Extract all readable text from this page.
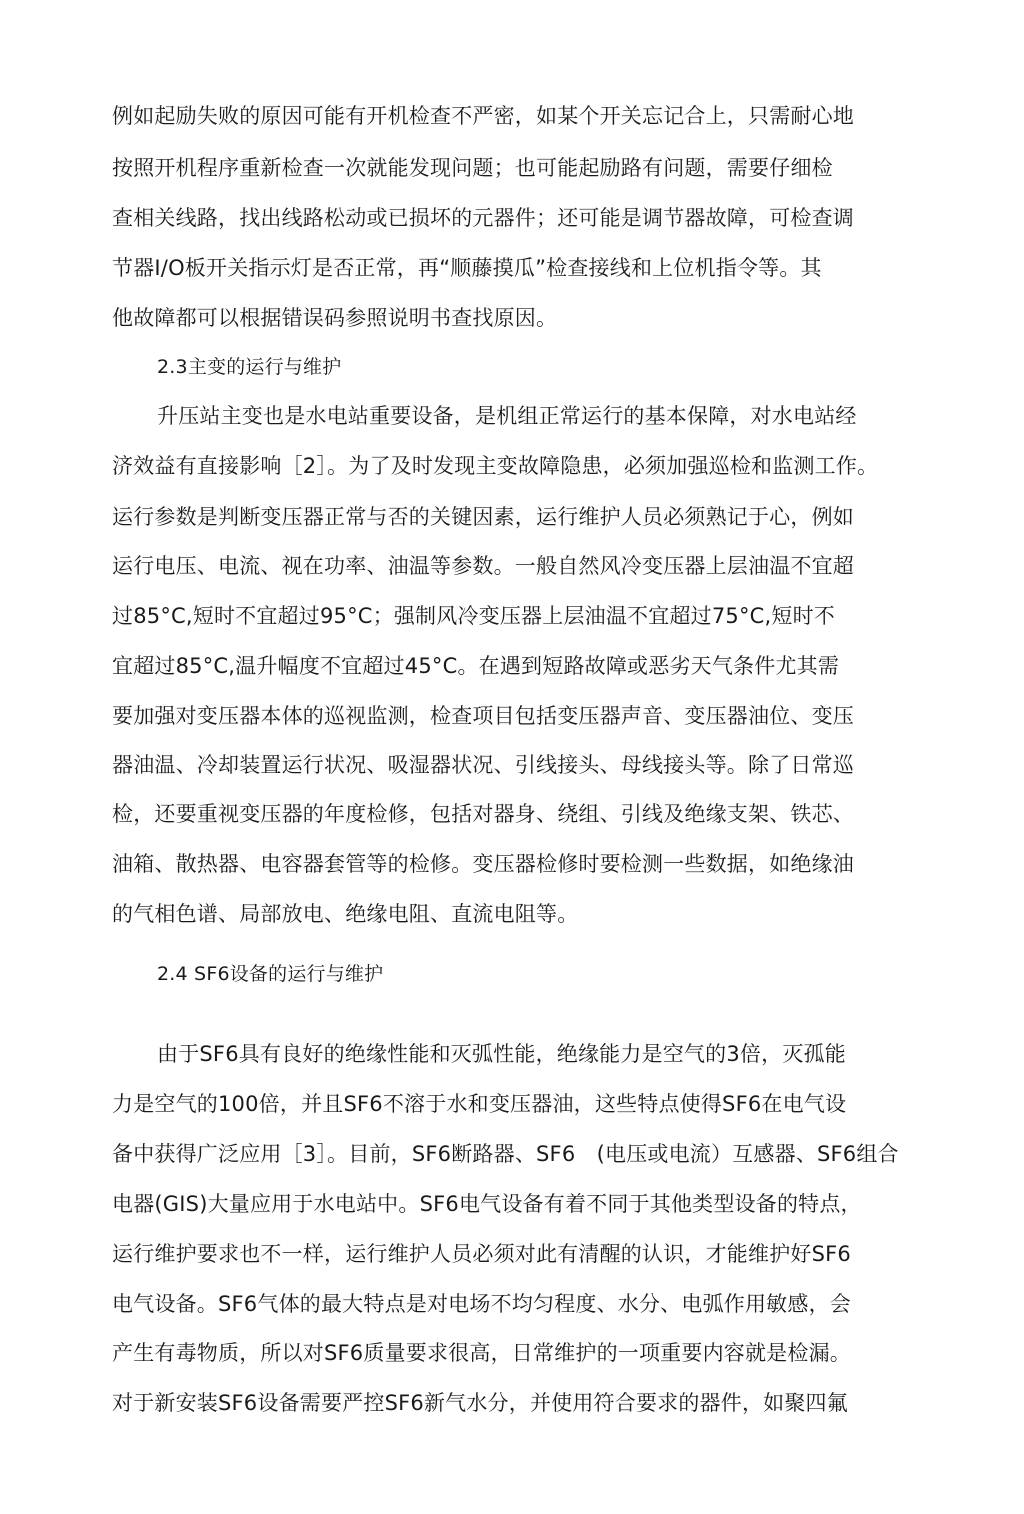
例如起励失败的原因可能有开机检查不严密，如某个开关忘记合上，只需耐心地
按照开机程序重新检查一次就能发现问题；也可能起励路有问题，需要仔细检
查相关线路，找出线路松动或已损坏的元器件；还可能是调节器故障，可检查调
节器I/O板开关指示灯是否正常，再“顺藤摸瓜”检查接线和上位机指令等。其
他故障都可以根据错误码参照说明书查找原因。
2.3主变的运行与维护
升压站主变也是水电站重要设备，是机组正常运行的基本保障，对水电站经
济效益有直接影响［2］。为了及时发现主变故障隐患，必须加强巡检和监测工作。
运行参数是判断变压器正常与否的关键因素，运行维护人员必须熟记于心，例如
运行电压、电流、视在功率、油温等参数。一般自然风冷变压器上层油温不宜超
过85°C,短时不宜超过95°C；强制风冷变压器上层油温不宜超过75°C,短时不
宜超过85°C,温升幅度不宜超过45°C。在遇到短路故障或恶劣天气条件尤其需
要加强对变压器本体的巡视监测，检查项目包括变压器声音、变压器油位、变压
器油温、冷却装置运行状况、吸湿器状况、引线接头、母线接头等。除了日常巡
检，还要重视变压器的年度检修，包括对器身、绕组、引线及绝缘支架、铁芯、
油箱、散热器、电容器套管等的检修。变压器检修时要检测一些数据，如绝缘油
的气相色谱、局部放电、绝缘电阻、直流电阻等。
2.4 SF6设备的运行与维护
由于SF6具有良好的绝缘性能和灭弧性能，绝缘能力是空气的3倍，灭孤能
力是空气的100倍，并且SF6不溶于水和变压器油，这些特点使得SF6在电气设
备中获得广泛应用［3］。目前，SF6断路器、SF6　(电压或电流）互感器、SF6组合
电器(GIS)大量应用于水电站中。SF6电气设备有着不同于其他类型设备的特点，
运行维护要求也不一样，运行维护人员必须对此有清醒的认识，才能维护好SF6
电气设备。SF6气体的最大特点是对电场不均匀程度、水分、电弧作用敏感，会
产生有毒物质，所以对SF6质量要求很高，日常维护的一项重要内容就是检漏。
对于新安装SF6设备需要严控SF6新气水分，并使用符合要求的器件，如聚四氟
